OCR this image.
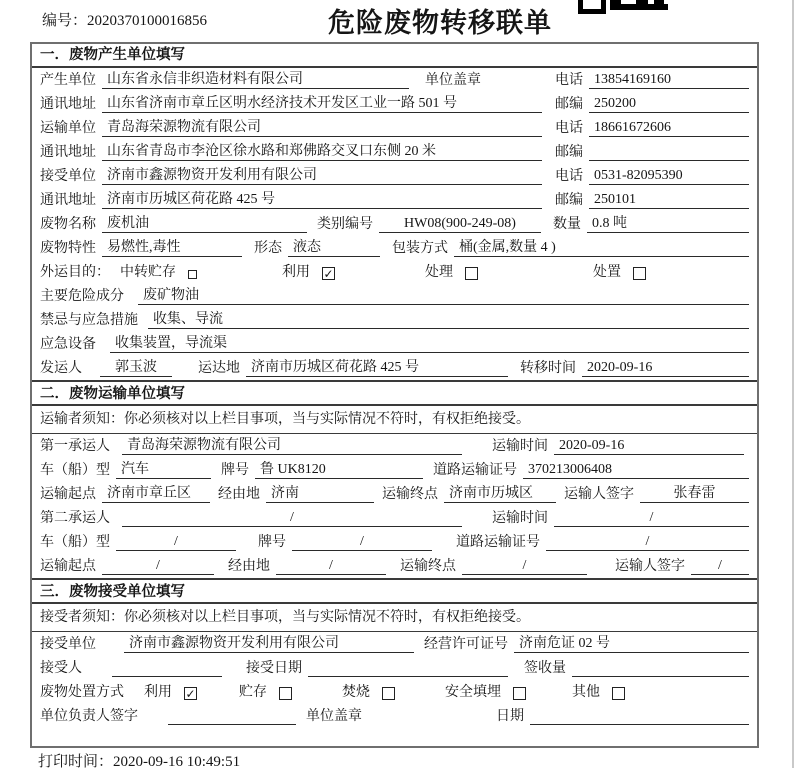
编号：2020370100016856	危险废物转移联单
一．废物产生单位填写
产生单位 山东省永信非织造材料有限公司	单位盖章	电话 13854169160
通讯地址 山东省济南市章丘区明水经济技术开发区工业一路 501 号	邮编 250200
运输单位 青岛海荣源物流有限公司	电话 18661672606
通讯地址 山东省青岛市李沧区徐水路和郑佛路交叉口东侧 20 米	邮编
接受单位 济南市鑫源物资开发利用有限公司	电话 0531-82095390
通讯地址 济南市历城区荷花路 425 号	邮编 250101
废物名称 废机油	类别编号	HW08(900-249-08)	数量 0.8 吨
废物特性 易燃性,毒性	形态 液态	包装方式 桶(金属,数量 4 )
外运目的： 中转贮存	利用 ✓	处理	处置
主要危险成分	废矿物油
禁忌与应急措施	收集、导流
应急设备	收集装置，导流渠
发运人	郭玉波	运达地 济南市历城区荷花路 425 号	转移时间 2020-09-16
二．废物运输单位填写
运输者须知：你必须核对以上栏目事项，当与实际情况不符时，有权拒绝接受。
第一承运人	青岛海荣源物流有限公司	运输时间 2020-09-16
车（船）型 汽车	牌号 鲁 UK8120	道路运输证号 370213006408
运输起点 济南市章丘区	经由地 济南	运输终点 济南市历城区	运输人签字	张春雷
第二承运人	/	运输时间	/
车（船）型	/	牌号	/	道路运输证号	/
运输起点	/	经由地	/	运输终点	/	运输人签字	/
三．废物接受单位填写
接受者须知：你必须核对以上栏目事项，当与实际情况不符时，有权拒绝接受。
接受单位	济南市鑫源物资开发利用有限公司	经营许可证号 济南危证 02 号
接受人	接受日期	签收量
废物处置方式 利用 ✓	贮存	焚烧	安全填埋	其他
单位负责人签字	单位盖章	日期
打印时间：2020-09-16 10:49:51
